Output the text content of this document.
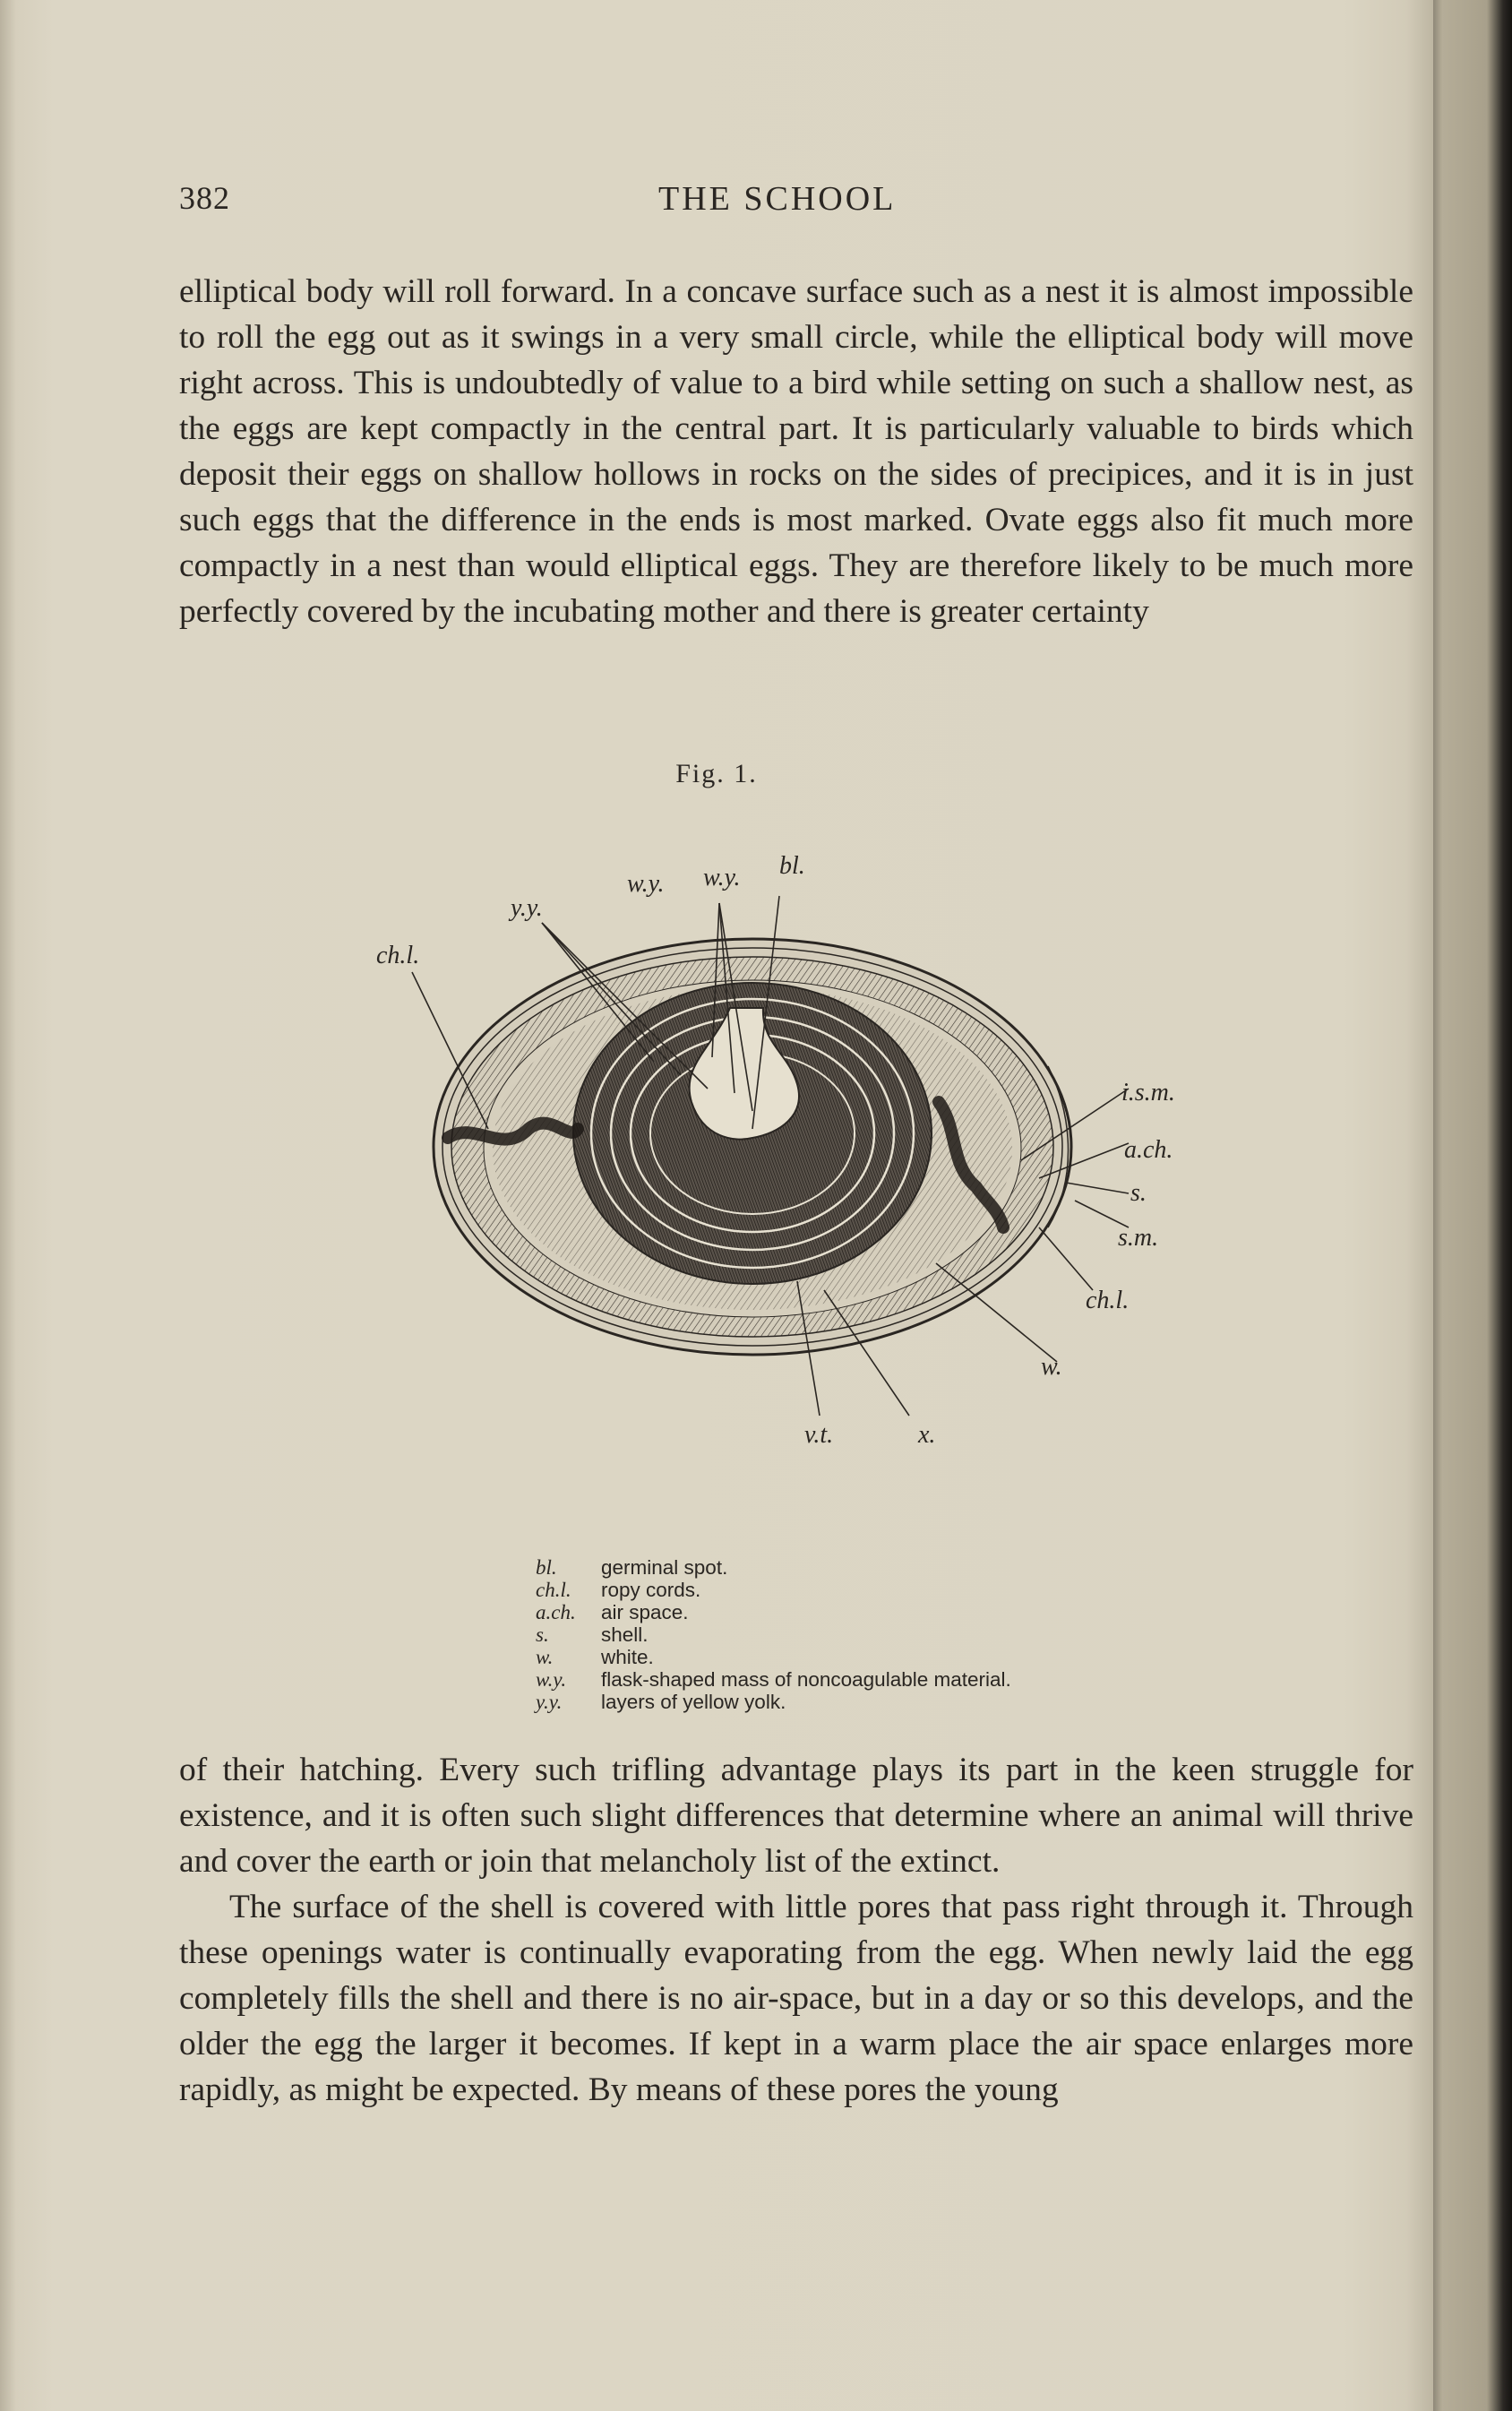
382	THE SCHOOL

elliptical body will roll forward. In a concave surface such as a nest it is almost impossible to roll the egg out as it swings in a very small circle, while the elliptical body will move right across. This is undoubtedly of value to a bird while setting on such a shallow nest, as the eggs are kept compactly in the central part. It is particularly valuable to birds which deposit their eggs on shallow hollows in rocks on the sides of precipices, and it is in just such eggs that the difference in the ends is most marked. Ovate eggs also fit much more compactly in a nest than would elliptical eggs. They are therefore likely to be much more perfectly covered by the incubating mother and there is greater certainty

Fig. 1.
bl.
w.y.
w.y.
y.y.
ch.l.
i.s.m.
a.ch.
s.
s.m.
ch.l.
w.
v.t.	x.
bl.	germinal spot.
ch.l.	ropy cords.
a.ch.	air space.
s.	shell.
w.	white.
w.y.	flask-shaped mass of noncoagulable material.
y.y.	layers of yellow yolk.

of their hatching. Every such trifling advantage plays its part in the keen struggle for existence, and it is often such slight differences that determine where an animal will thrive and cover the earth or join that melancholy list of the extinct.

The surface of the shell is covered with little pores that pass right through it. Through these openings water is continually evaporating from the egg. When newly laid the egg completely fills the shell and there is no air-space, but in a day or so this develops, and the older the egg the larger it becomes. If kept in a warm place the air space enlarges more rapidly, as might be expected. By means of these pores the young
